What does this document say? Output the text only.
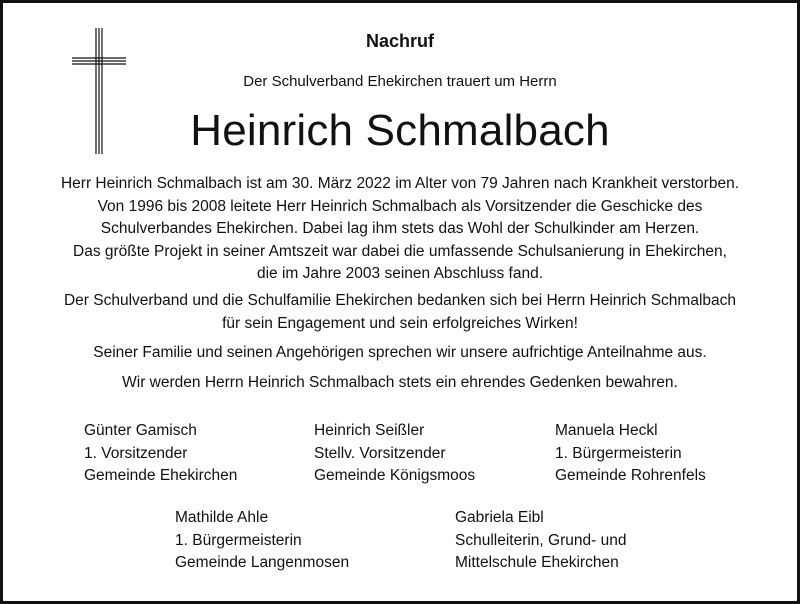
Nachruf
Der Schulverband Ehekirchen trauert um Herrn
Heinrich Schmalbach
Herr Heinrich Schmalbach ist am 30. März 2022 im Alter von 79 Jahren nach Krankheit verstorben.
Von 1996 bis 2008 leitete Herr Heinrich Schmalbach als Vorsitzender die Geschicke des
Schulverbandes Ehekirchen. Dabei lag ihm stets das Wohl der Schulkinder am Herzen.
Das größte Projekt in seiner Amtszeit war dabei die umfassende Schulsanierung in Ehekirchen,
die im Jahre 2003 seinen Abschluss fand.
Der Schulverband und die Schulfamilie Ehekirchen bedanken sich bei Herrn Heinrich Schmalbach
für sein Engagement und sein erfolgreiches Wirken!
Seiner Familie und seinen Angehörigen sprechen wir unsere aufrichtige Anteilnahme aus.
Wir werden Herrn Heinrich Schmalbach stets ein ehrendes Gedenken bewahren.
Günter Gamisch
1. Vorsitzender
Gemeinde Ehekirchen
Heinrich Seißler
Stellv. Vorsitzender
Gemeinde Königsmoos
Manuela Heckl
1. Bürgermeisterin
Gemeinde Rohrenfels
Mathilde Ahle
1. Bürgermeisterin
Gemeinde Langenmosen
Gabriela Eibl
Schulleiterin, Grund- und
Mittelschule Ehekirchen
